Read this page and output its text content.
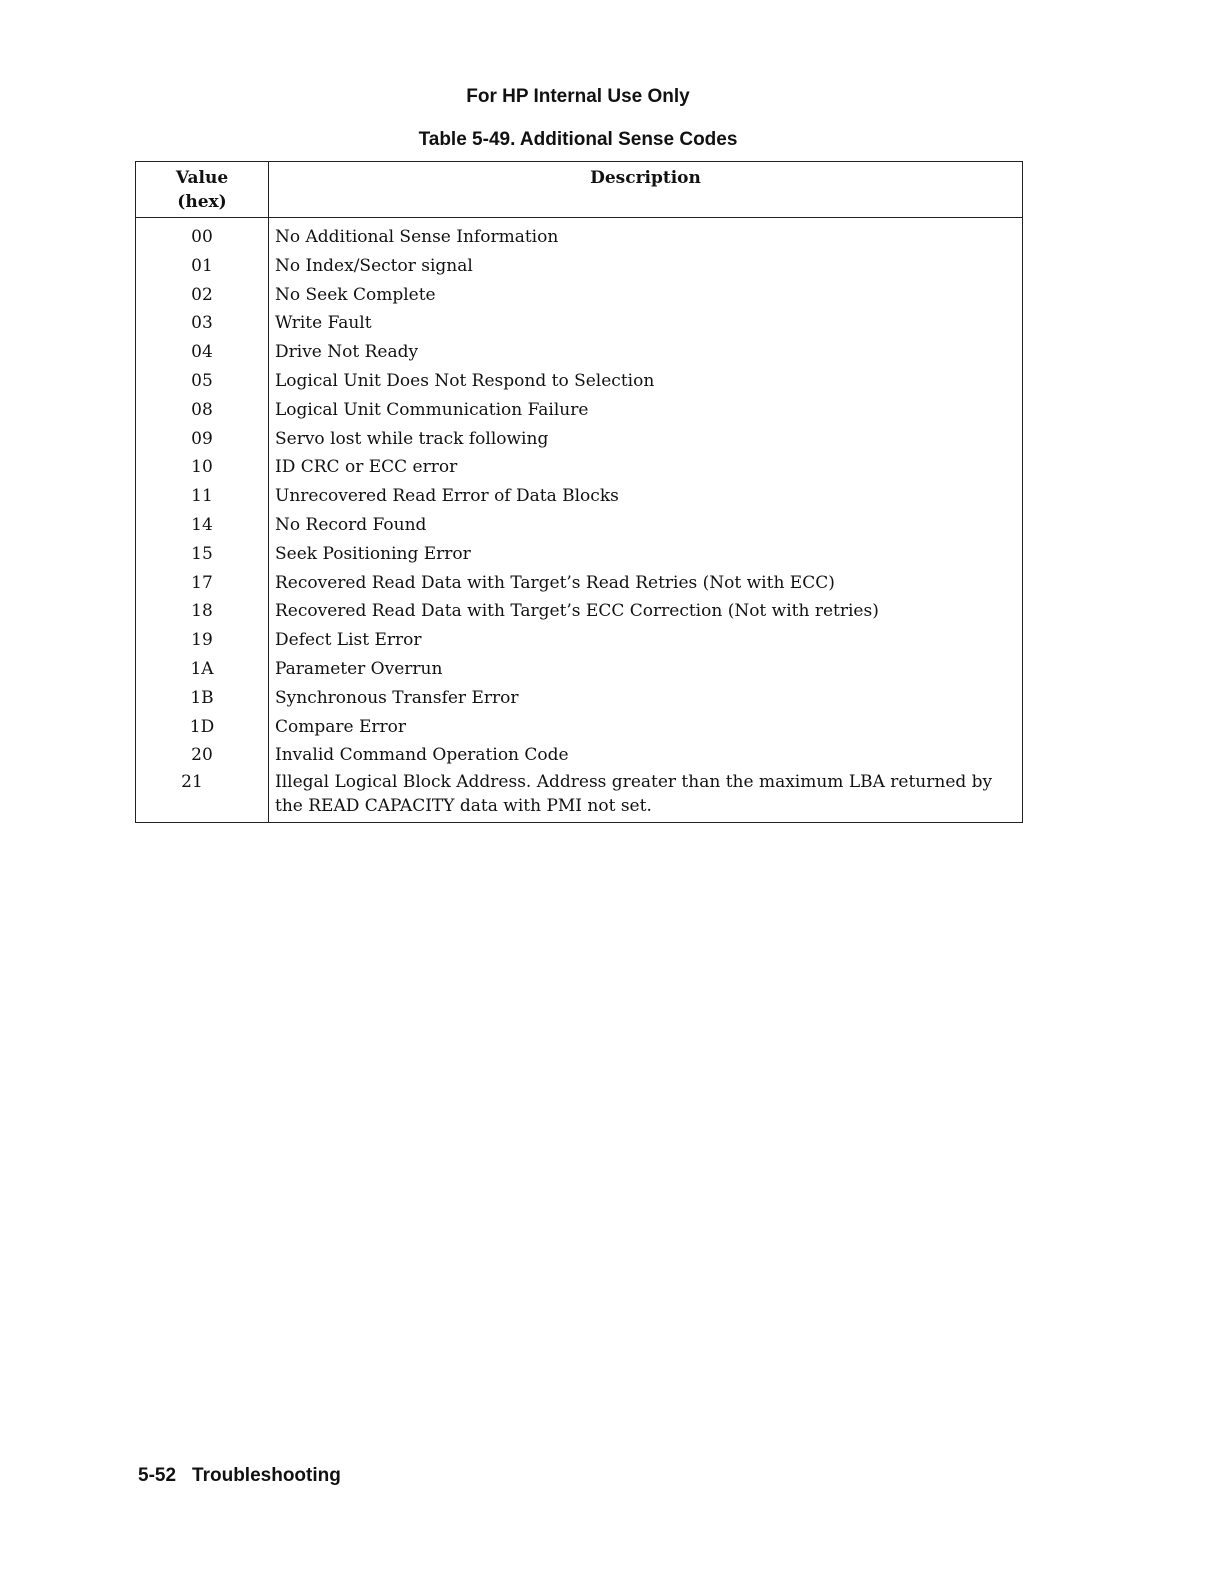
For HP Internal Use Only
Table 5-49. Additional Sense Codes
Value
(hex)
Description
00
01
02
03
04
05
08
09
10
11
14
15
17
18
19
1A
1B
1D
20
21
No Additional Sense Information
No Index/Sector signal
No Seek Complete
Write Fault
Drive Not Ready
Logical Unit Does Not Respond to Selection
Logical Unit Communication Failure
Servo lost while track following
ID CRC or ECC error
Unrecovered Read Error of Data Blocks
No Record Found
Seek Positioning Error
Recovered Read Data with Target’s Read Retries (Not with ECC)
Recovered Read Data with Target’s ECC Correction (Not with retries)
Defect List Error
Parameter Overrun
Synchronous Transfer Error
Compare Error
Invalid Command Operation Code
Illegal Logical Block Address. Address greater than the maximum LBA returned by the READ CAPACITY data with PMI not set.
5-52 Troubleshooting
